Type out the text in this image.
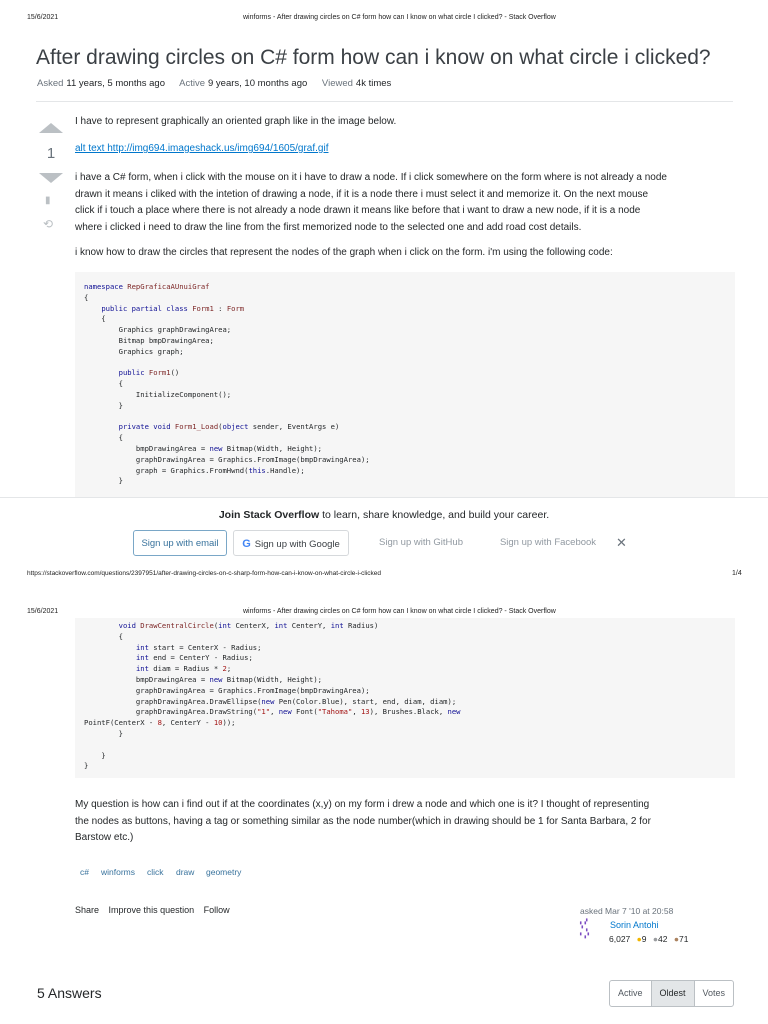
15/6/2021	winforms - After drawing circles on C# form how can I know on what circle I clicked? - Stack Overflow
After drawing circles on C# form how can i know on what circle i clicked?
Asked 11 years, 5 months ago Active 9 years, 10 months ago Viewed 4k times
1
▮
⟲
I have to represent graphically an oriented graph like in the image below.
alt text http://img694.imageshack.us/img694/1605/graf.gif
i have a C# form, when i click with the mouse on it i have to draw a node. If i click somewhere on the form where is not already a node
drawn it means i cliked with the intetion of drawing a node, if it is a node there i must select it and memorize it. On the next mouse
click if i touch a place where there is not already a node drawn it means like before that i want to draw a new node, if it is a node
where i clicked i need to draw the line from the first memorized node to the selected one and add road cost details.
i know how to draw the circles that represent the nodes of the graph when i click on the form. i'm using the following code:
namespace RepGraficaAUnuiGraf
{
public partial class Form1 : Form
{
Graphics graphDrawingArea;
Bitmap bmpDrawingArea;
Graphics graph;

public Form1()
{
InitializeComponent();
}

private void Form1_Load(object sender, EventArgs e)
{
bmpDrawingArea = new Bitmap(Width, Height);
graphDrawingArea = Graphics.FromImage(bmpDrawingArea);
graph = Graphics.FromHwnd(this.Handle);
}
Join Stack Overflow to learn, share knowledge, and build your career.
Sign up with email	G Sign up with Google	Sign up with GitHub	Sign up with Facebook	✕
https://stackoverflow.com/questions/2397951/after-drawing-circles-on-c-sharp-form-how-can-i-know-on-what-circle-i-clicked	1/4
15/6/2021	winforms - After drawing circles on C# form how can I know on what circle I clicked? - Stack Overflow
void DrawCentralCircle(int CenterX, int CenterY, int Radius)
{
int start = CenterX - Radius;
int end = CenterY - Radius;
int diam = Radius * 2;
bmpDrawingArea = new Bitmap(Width, Height);
graphDrawingArea = Graphics.FromImage(bmpDrawingArea);
graphDrawingArea.DrawEllipse(new Pen(Color.Blue), start, end, diam, diam);
graphDrawingArea.DrawString("1", new Font("Tahoma", 13), Brushes.Black, new
PointF(CenterX - 8, CenterY - 10));
}

}
}
My question is how can i find out if at the coordinates (x,y) on my form i drew a node and which one is it? I thought of representing
the nodes as buttons, having a tag or something similar as the node number(which in drawing should be 1 for Santa Barbara, 2 for
Barstow etc.)
c# winforms click draw geometry
Share Improve this question Follow	asked Mar 7 '10 at 20:58
▖▗▘
▝ ▖
▘▗▝
Sorin Antohi
6,027 ●9 ●42 ●71
5 Answers	Active	Oldest	Votes
